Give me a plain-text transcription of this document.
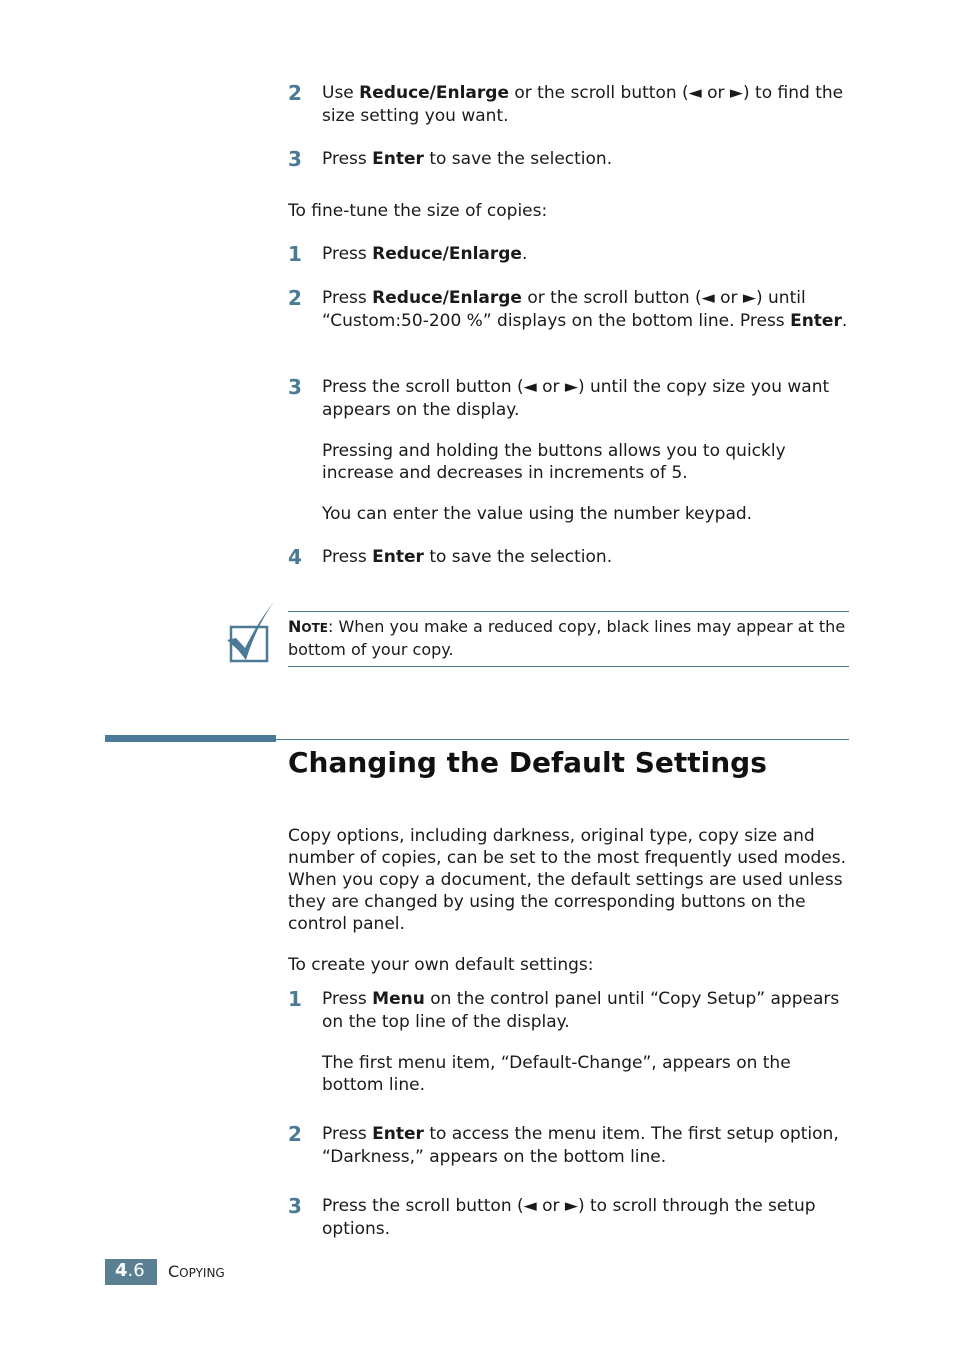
2 Use Reduce/Enlarge or the scroll button (◄ or ►) to find the size setting you want.
3 Press Enter to save the selection.
To fine-tune the size of copies:
1 Press Reduce/Enlarge.
2 Press Reduce/Enlarge or the scroll button (◄ or ►) until “Custom:50-200 %” displays on the bottom line. Press Enter.
3 Press the scroll button (◄ or ►) until the copy size you want appears on the display.
Pressing and holding the buttons allows you to quickly increase and decreases in increments of 5.
You can enter the value using the number keypad.
4 Press Enter to save the selection.
NOTE: When you make a reduced copy, black lines may appear at the bottom of your copy.
Changing the Default Settings
Copy options, including darkness, original type, copy size and number of copies, can be set to the most frequently used modes. When you copy a document, the default settings are used unless they are changed by using the corresponding buttons on the control panel.
To create your own default settings:
1 Press Menu on the control panel until “Copy Setup” appears on the top line of the display.
The first menu item, “Default-Change”, appears on the bottom line.
2 Press Enter to access the menu item. The first setup option, “Darkness,” appears on the bottom line.
3 Press the scroll button (◄ or ►) to scroll through the setup options.
4.6	COPYING
